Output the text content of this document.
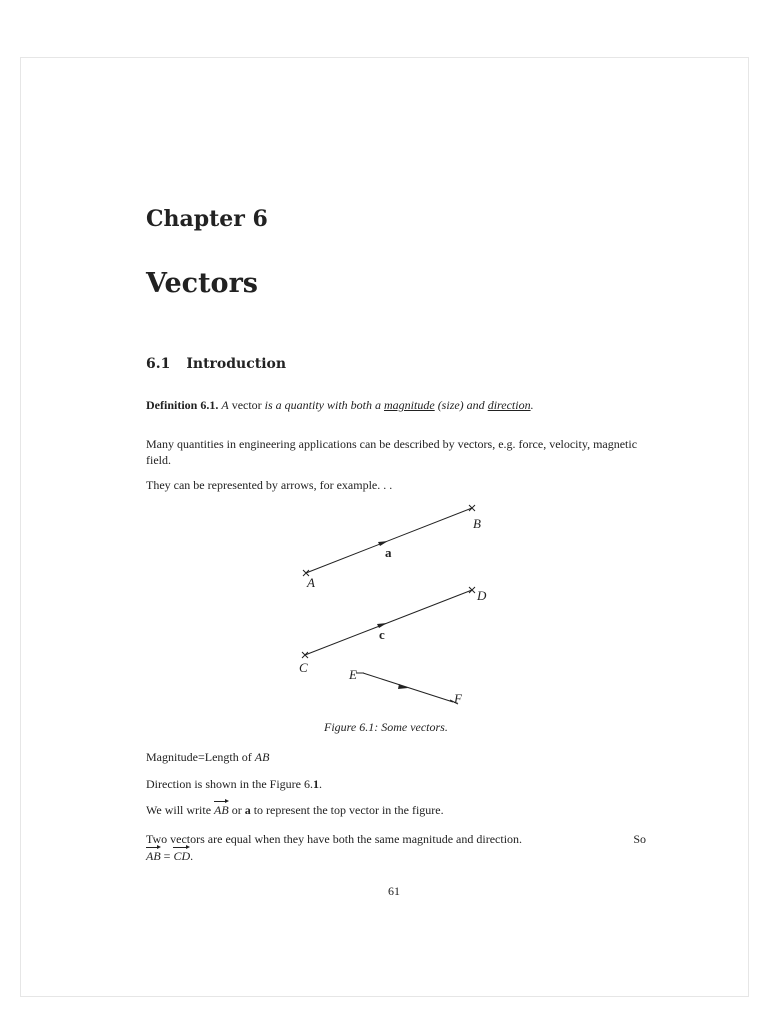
Chapter 6
Vectors
6.1 Introduction
Definition 6.1. A vector is a quantity with both a magnitude (size) and direction.
Many quantities in engineering applications can be described by vectors, e.g. force, velocity, magnetic field.
They can be represented by arrows, for example. . .
A
B
a
C
D
c
E
F
Figure 6.1: Some vectors.
Magnitude=Length of AB
Direction is shown in the Figure 6.1.
We will write AB or a to represent the top vector in the figure.
Two vectors are equal when they have both the same magnitude and direction.	So
AB = CD.
61
